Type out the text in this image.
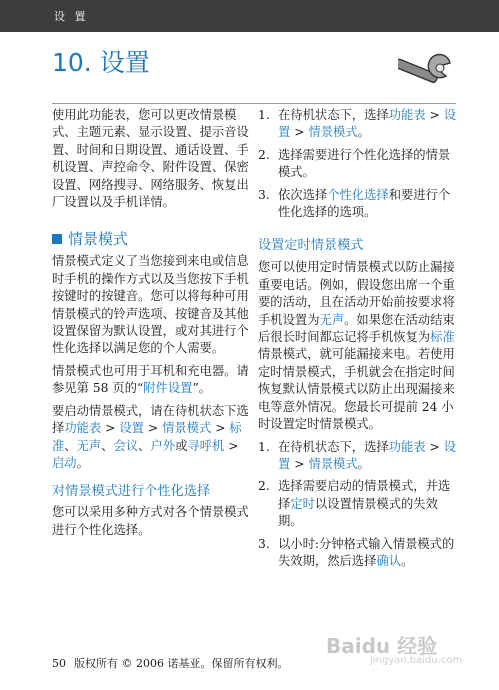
设 置
10. 设置

使用此功能表，您可以更改情景模式、主题元素、显示设置、提示音设置、时间和日期设置、通话设置、手机设置、声控命令、附件设置、保密设置、网络搜寻、网络服务、恢复出厂设置以及手机详情。

情景模式

情景模式定义了当您接到来电或信息时手机的操作方式以及当您按下手机按键时的按键音。您可以将每种可用情景模式的铃声选项、按键音及其他设置保留为默认设置，或对其进行个性化选择以满足您的个人需要。

情景模式也可用于耳机和充电器。请参见第 58 页的“附件设置”。

要启动情景模式，请在待机状态下选择功能表 > 设置 > 情景模式 > 标准、无声、会议、户外或寻呼机 > 启动。

对情景模式进行个性化选择

您可以采用多种方式对各个情景模式进行个性化选择。

1. 在待机状态下，选择功能表 > 设置 > 情景模式。
2. 选择需要进行个性化选择的情景模式。
3. 依次选择个性化选择和要进行个性化选择的选项。
设置定时情景模式

您可以使用定时情景模式以防止漏接重要电话。例如，假设您出席一个重要的活动，且在活动开始前按要求将手机设置为无声。如果您在活动结束后很长时间都忘记将手机恢复为标准情景模式，就可能漏接来电。若使用定时情景模式，手机就会在指定时间恢复默认情景模式以防止出现漏接来电等意外情况。您最长可提前 24 小时设置定时情景模式。

1. 在待机状态下，选择功能表 > 设置 > 情景模式。
2. 选择需要启动的情景模式，并选择定时以设置情景模式的失效期。
3. 以小时:分钟格式输入情景模式的失效期，然后选择确认。
Baidu 经验
jingyan.baidu.com
50 版权所有 © 2006 诺基亚。保留所有权利。
